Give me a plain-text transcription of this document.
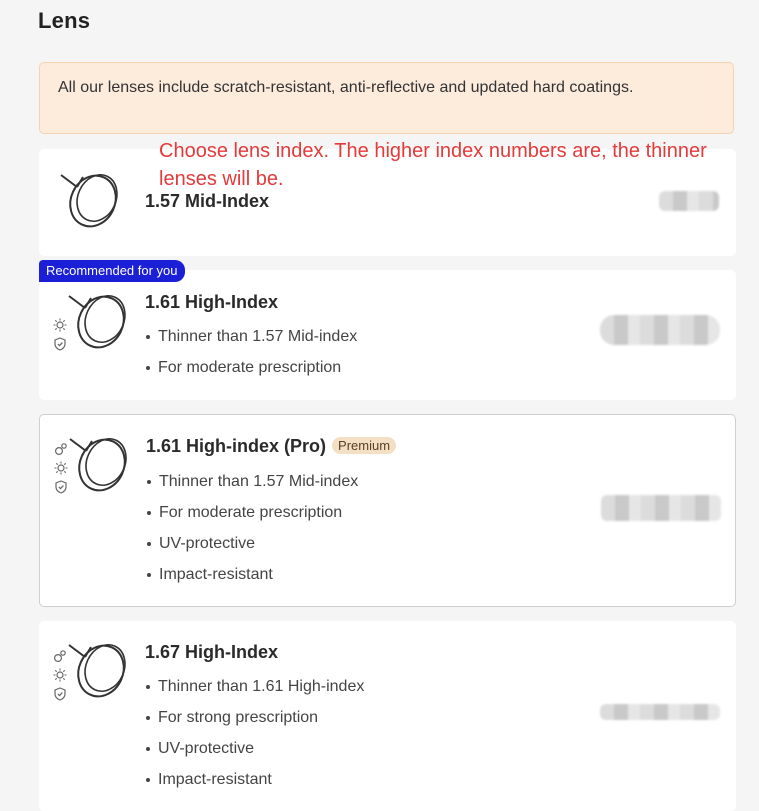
Lens
All our lenses include scratch-resistant, anti-reflective and updated hard coatings.
1.57 Mid-Index
Recommended for you
1.61 High-Index
Thinner than 1.57 Mid-index
For moderate prescription
1.61 High-index (Pro) Premium
Thinner than 1.57 Mid-index
For moderate prescription
UV-protective
Impact-resistant
1.67 High-Index
Thinner than 1.61 High-index
For strong prescription
UV-protective
Impact-resistant
Choose lens index. The higher index numbers are, the thinner lenses will be.
